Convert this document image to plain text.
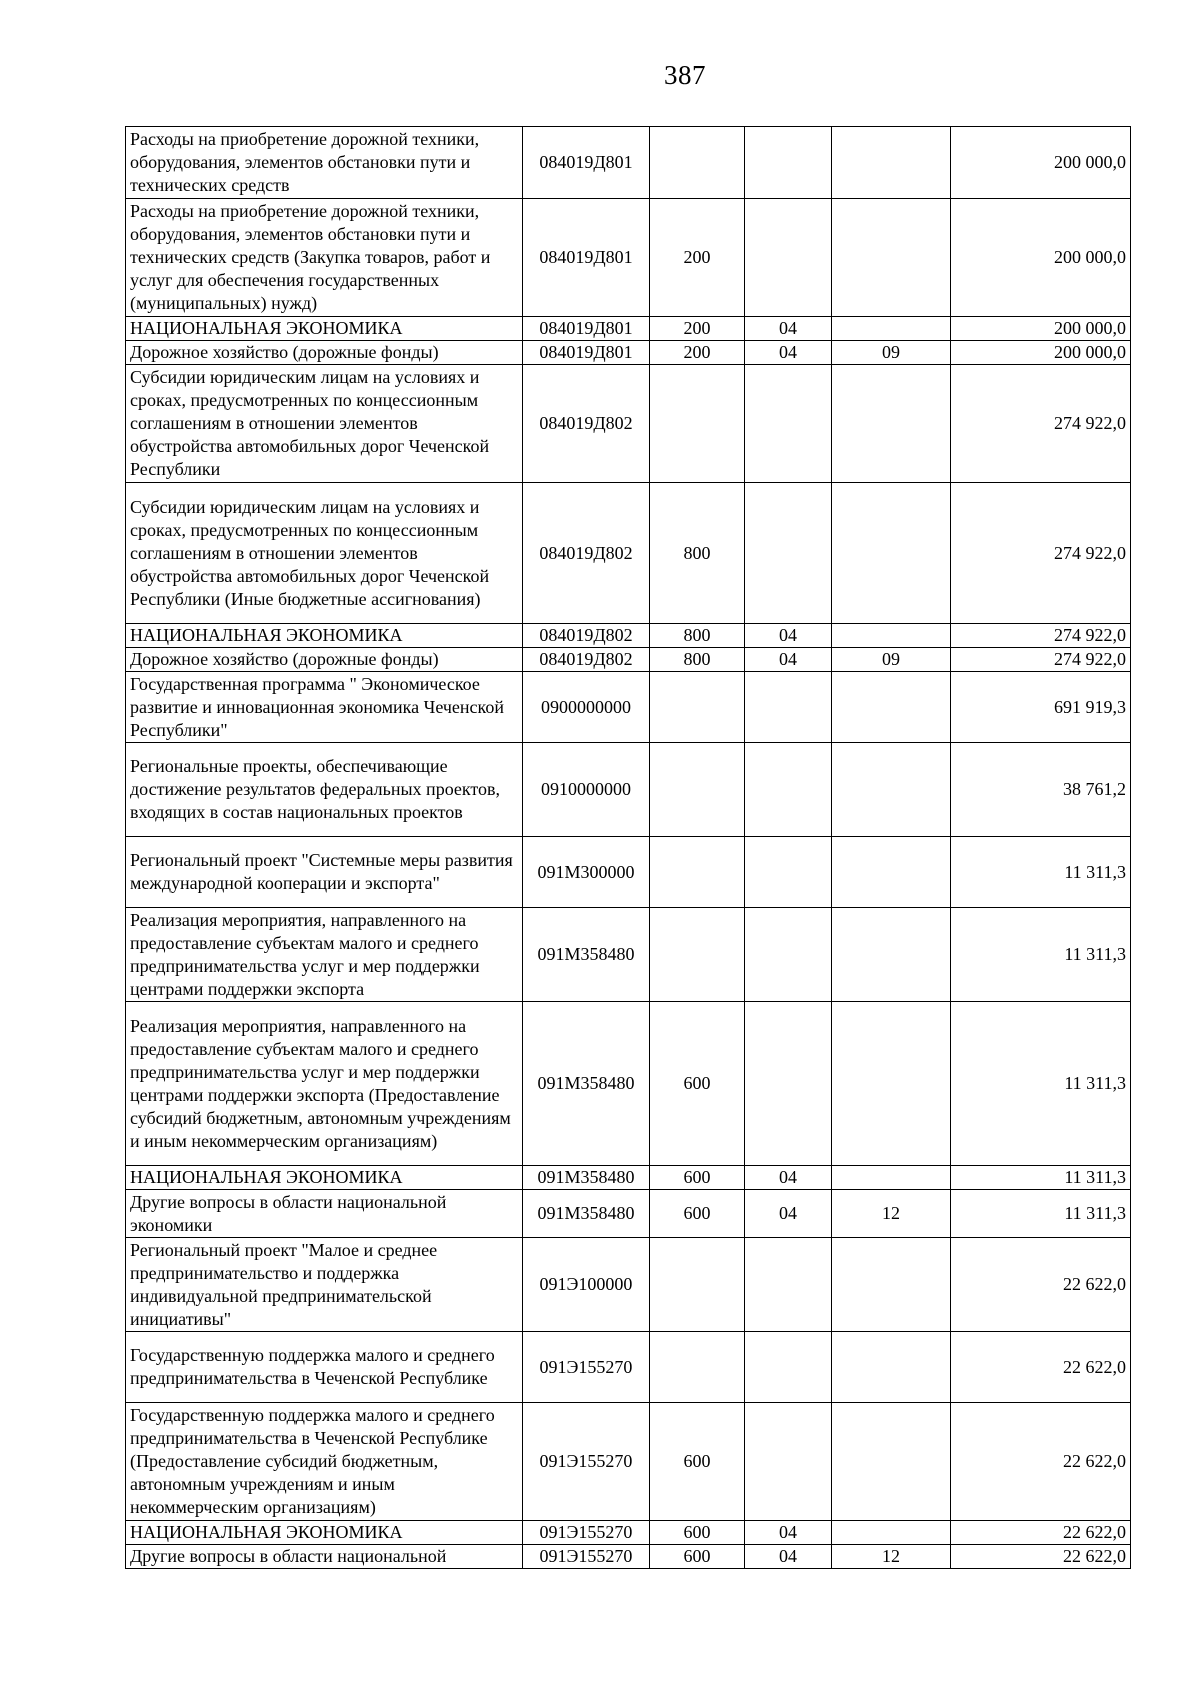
387
Расходы на приобретение дорожной техники, оборудования, элементов обстановки пути и технических средств	084019Д801				200 000,0
Расходы на приобретение дорожной техники, оборудования, элементов обстановки пути и технических средств (Закупка товаров, работ и услуг для обеспечения государственных (муниципальных) нужд)	084019Д801	200			200 000,0
НАЦИОНАЛЬНАЯ ЭКОНОМИКА	084019Д801	200	04		200 000,0
Дорожное хозяйство (дорожные фонды)	084019Д801	200	04	09	200 000,0
Субсидии юридическим лицам на условиях и сроках, предусмотренных по концессионным соглашениям в отношении элементов обустройства автомобильных дорог Чеченской Республики	084019Д802				274 922,0
Субсидии юридическим лицам на условиях и сроках, предусмотренных по концессионным соглашениям в отношении элементов обустройства автомобильных дорог Чеченской Республики (Иные бюджетные ассигнования)	084019Д802	800			274 922,0
НАЦИОНАЛЬНАЯ ЭКОНОМИКА	084019Д802	800	04		274 922,0
Дорожное хозяйство (дорожные фонды)	084019Д802	800	04	09	274 922,0
Государственная программа " Экономическое развитие и инновационная экономика Чеченской Республики"	0900000000				691 919,3
Региональные проекты, обеспечивающие достижение результатов федеральных проектов, входящих в состав национальных проектов	0910000000				38 761,2
Региональный проект "Системные меры развития международной кооперации и экспорта"	091М300000				11 311,3
Реализация мероприятия, направленного на предоставление субъектам малого и среднего предпринимательства услуг и мер поддержки центрами поддержки экспорта	091М358480				11 311,3
Реализация мероприятия, направленного на предоставление субъектам малого и среднего предпринимательства услуг и мер поддержки центрами поддержки экспорта (Предоставление субсидий бюджетным, автономным учреждениям и иным некоммерческим организациям)	091М358480	600			11 311,3
НАЦИОНАЛЬНАЯ ЭКОНОМИКА	091М358480	600	04		11 311,3
Другие вопросы в области национальной экономики	091М358480	600	04	12	11 311,3
Региональный проект "Малое и среднее предпринимательство и поддержка индивидуальной предпринимательской инициативы"	091Э100000				22 622,0
Государственную поддержка малого и среднего предпринимательства в Чеченской Республике	091Э155270				22 622,0
Государственную поддержка малого и среднего предпринимательства в Чеченской Республике (Предоставление субсидий бюджетным, автономным учреждениям и иным некоммерческим организациям)	091Э155270	600			22 622,0
НАЦИОНАЛЬНАЯ ЭКОНОМИКА	091Э155270	600	04		22 622,0
Другие вопросы в области национальной	091Э155270	600	04	12	22 622,0
